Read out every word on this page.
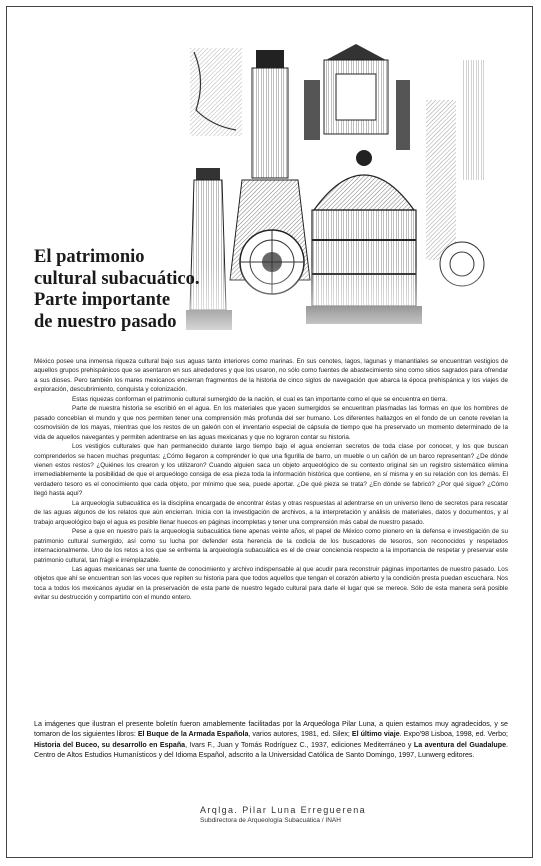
El patrimonio
cultural subacuático.
Parte importante
de nuestro pasado

México posee una inmensa riqueza cultural bajo sus aguas tanto interiores como marinas. En sus cenotes, lagos, lagunas y manantiales se encuentran vestigios de aquellos grupos prehispánicos que se asentaron en sus alrededores y que los usaron, no sólo como fuentes de abastecimiento sino como sitios sagrados para ofrendar a sus dioses. Pero también los mares mexicanos encierran fragmentos de la historia de cinco siglos de navegación que abarca la época prehispánica y los viajes de exploración, descubrimiento, conquista y colonización.

Estas riquezas conforman el patrimonio cultural sumergido de la nación, el cual es tan importante como el que se encuentra en tierra.

Parte de nuestra historia se escribió en el agua. En los materiales que yacen sumergidos se encuentran plasmadas las formas en que los hombres de pasado concebían el mundo y que nos permiten tener una comprensión más profunda del ser humano. Los diferentes hallazgos en el fondo de un cenote revelan la cosmovisión de los mayas, mientras que los restos de un galeón con el inventario especial de cápsula de tiempo que ha preservado un momento determinado de la vida de aquellos navegantes y permiten adentrarse en las aguas mexicanas y que no lograron contar su historia.

Los vestigios culturales que han permanecido durante largo tiempo bajo el agua encierran secretos de toda clase por conocer, y los que buscan comprenderlos se hacen muchas preguntas: ¿Cómo llegaron a comprender lo que una figurilla de barro, un mueble o un cañón de un barco representan? ¿De dónde vienen estos restos? ¿Quiénes los crearon y los utilizaron? Cuando alguien saca un objeto arqueológico de su contexto original sin un registro sistemático elimina irremediablemente la posibilidad de que el arqueólogo consiga de esa pieza toda la información histórica que contiene, en sí misma y en su relación con los demás. El verdadero tesoro es el conocimiento que cada objeto, por mínimo que sea, puede aportar. ¿De qué pieza se trata? ¿En dónde se fabricó? ¿Por qué sigue? ¿Cómo llegó hasta aquí?

La arqueología subacuática es la disciplina encargada de encontrar éstas y otras respuestas al adentrarse en un universo lleno de secretos para rescatar de las aguas algunos de los relatos que aún encierran. Inicia con la investigación de archivos, a la interpretación y análisis de materiales, datos y documentos, y al trabajo arqueológico bajo el agua es posible llenar huecos en páginas incompletas y tener una comprensión más cabal de nuestro pasado.

Pese a que en nuestro país la arqueología subacuática tiene apenas veinte años, el papel de México como pionero en la defensa e investigación de su patrimonio cultural sumergido, así como su lucha por defender esta herencia de la codicia de los buscadores de tesoros, son reconocidos y respetados internacionalmente. Uno de los retos a los que se enfrenta la arqueología subacuática es el de crear conciencia respecto a la importancia de respetar y preservar este patrimonio cultural, tan frágil e irremplazable.

Las aguas mexicanas ser una fuente de conocimiento y archivo indispensable al que acudir para reconstruir páginas importantes de nuestro pasado. Los objetos que ahí se encuentran son las voces que repiten su historia para que todos aquellos que tengan el corazón abierto y la condición presta puedan escuchara. Nos toca a todos los mexicanos ayudar en la preservación de esta parte de nuestro legado cultural para darle el lugar que se merece. Sólo de esta manera será posible evitar su destrucción y compartirlo con el mundo entero.

La imágenes que ilustran el presente boletín fueron amablemente facilitadas por la Arqueóloga Pilar Luna, a quien estamos muy agradecidos, y se tomaron de los siguientes libros: El Buque de la Armada Española, varios autores, 1981, ed. Silex; El último viaje. Expo'98 Lisboa, 1998, ed. Verbo; Historia del Buceo, su desarrollo en España, Ivars F., Juan y Tomás Rodríguez C., 1937, ediciones Mediterráneo y La aventura del Guadalupe. Centro de Altos Estudios Humanísticos y del Idioma Español, adscrito a la Universidad Católica de Santo Domingo, 1997, Lunwerg editores.

Arqlga. Pilar Luna Erreguerena
Subdirectora de Arqueología Subacuática / INAH
